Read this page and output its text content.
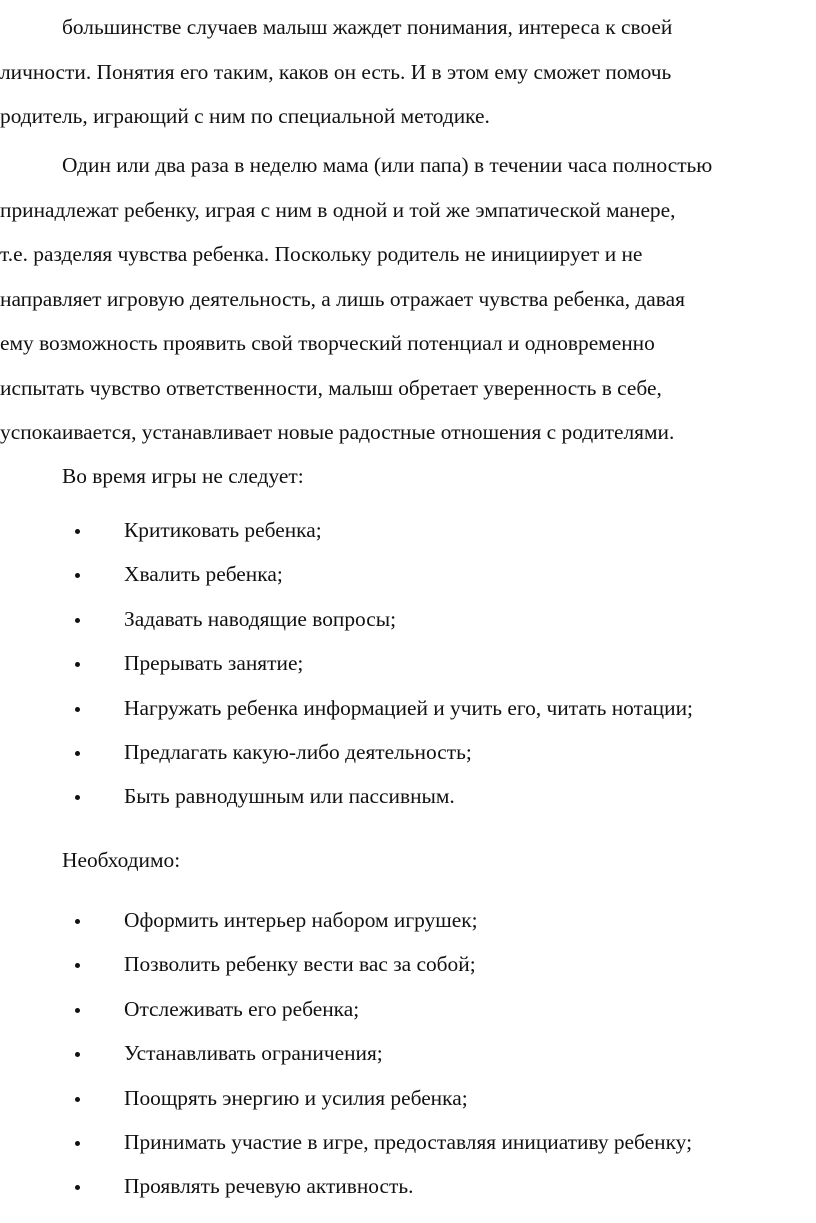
большинстве случаев малыш жаждет понимания, интереса к своей
личности. Понятия его таким, каков он есть. И в этом ему сможет помочь
родитель, играющий с ним по специальной методике.
Один или два раза в неделю мама (или папа) в течении часа полностью
принадлежат ребенку, играя с ним в одной и той же эмпатической манере,
т.е. разделяя чувства ребенка. Поскольку родитель не инициирует и не
направляет игровую деятельность, а лишь отражает чувства ребенка, давая
ему возможность проявить свой творческий потенциал и одновременно
испытать чувство ответственности, малыш обретает уверенность в себе,
успокаивается, устанавливает новые радостные отношения с родителями.

Во время игры не следует:

Критиковать ребенка;
Хвалить ребенка;
Задавать наводящие вопросы;
Прерывать занятие;
Нагружать ребенка информацией и учить его, читать нотации;
Предлагать какую-либо деятельность;
Быть равнодушным или пассивным.

Необходимо:

Оформить интерьер набором игрушек;
Позволить ребенку вести вас за собой;
Отслеживать его ребенка;
Устанавливать ограничения;
Поощрять энергию и усилия ребенка;
Принимать участие в игре, предоставляя инициативу ребенку;
Проявлять речевую активность.
